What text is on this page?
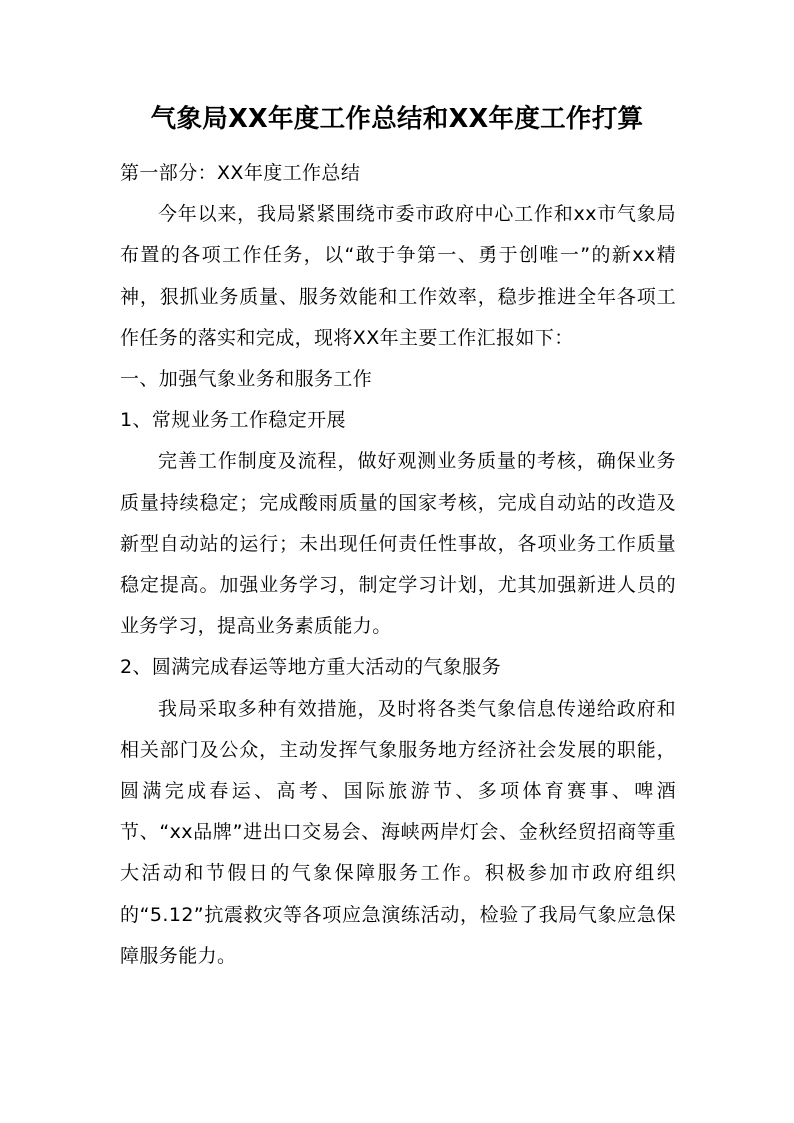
气象局XX年度工作总结和XX年度工作打算

第一部分：XX年度工作总结

今年以来，我局紧紧围绕市委市政府中心工作和xx市气象局布置的各项工作任务，以“敢于争第一、勇于创唯一”的新xx精神，狠抓业务质量、服务效能和工作效率，稳步推进全年各项工作任务的落实和完成，现将XX年主要工作汇报如下：

一、加强气象业务和服务工作

1、常规业务工作稳定开展

完善工作制度及流程，做好观测业务质量的考核，确保业务质量持续稳定；完成酸雨质量的国家考核，完成自动站的改造及新型自动站的运行；未出现任何责任性事故，各项业务工作质量稳定提高。加强业务学习，制定学习计划，尤其加强新进人员的业务学习，提高业务素质能力。

2、圆满完成春运等地方重大活动的气象服务

我局采取多种有效措施，及时将各类气象信息传递给政府和相关部门及公众，主动发挥气象服务地方经济社会发展的职能，圆满完成春运、高考、国际旅游节、多项体育赛事、啤酒节、“xx品牌”进出口交易会、海峡两岸灯会、金秋经贸招商等重大活动和节假日的气象保障服务工作。积极参加市政府组织的“5.12”抗震救灾等各项应急演练活动，检验了我局气象应急保障服务能力。
